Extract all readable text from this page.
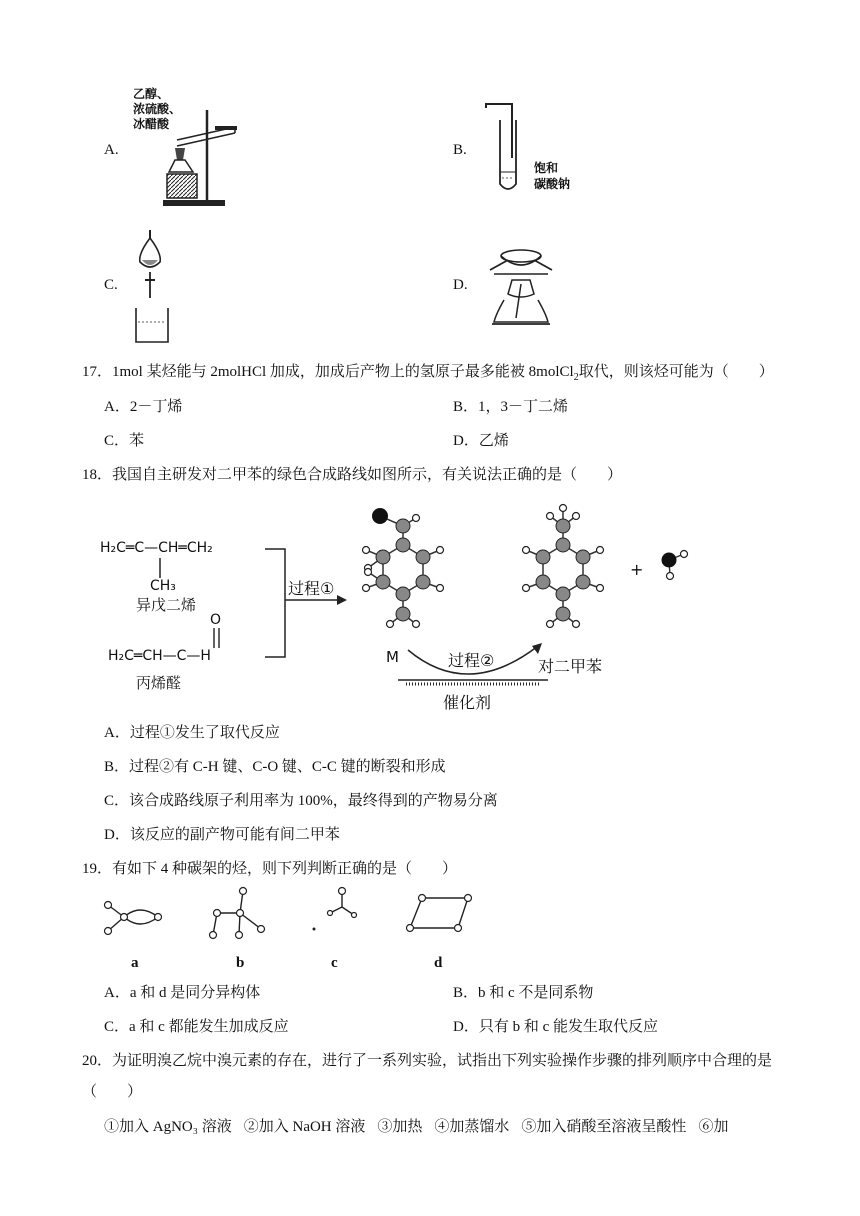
A.
乙醇、
浓硫酸、
冰醋酸
B.
饱和
碳酸钠
C.	D.
17．1mol 某烃能与 2molHCl 加成，加成后产物上的氢原子最多能被 8molCl$_2$取代，则该烃可能为（　　）
A．2－丁烯	B．1，3－丁二烯
C．苯	D．乙烯
18．我国自主研发对二甲苯的绿色合成路线如图所示，有关说法正确的是（　　）
H₂C═C—CH═CH₂
CH₃
异戊二烯
O
H₂C═CH—C—H
丙烯醛
过程①
M	过程②
催化剂
对二甲苯
+
A．过程①发生了取代反应
B．过程②有 C-H 键、C-O 键、C-C 键的断裂和形成
C．该合成路线原子利用率为 100%，最终得到的产物易分离
D．该反应的副产物可能有间二甲苯
19．有如下 4 种碳架的烃，则下列判断正确的是（　　）
a	b	c	d
A．a 和 d 是同分异构体	B．b 和 c 不是同系物
C．a 和 c 都能发生加成反应	D．只有 b 和 c 能发生取代反应
20．为证明溴乙烷中溴元素的存在，进行了一系列实验，试指出下列实验操作步骤的排列顺序中合理的是
（　　）
①加入 AgNO₃ 溶液 ②加入 NaOH 溶液 ③加热 ④加蒸馏水 ⑤加入硝酸至溶液呈酸性 ⑥加
